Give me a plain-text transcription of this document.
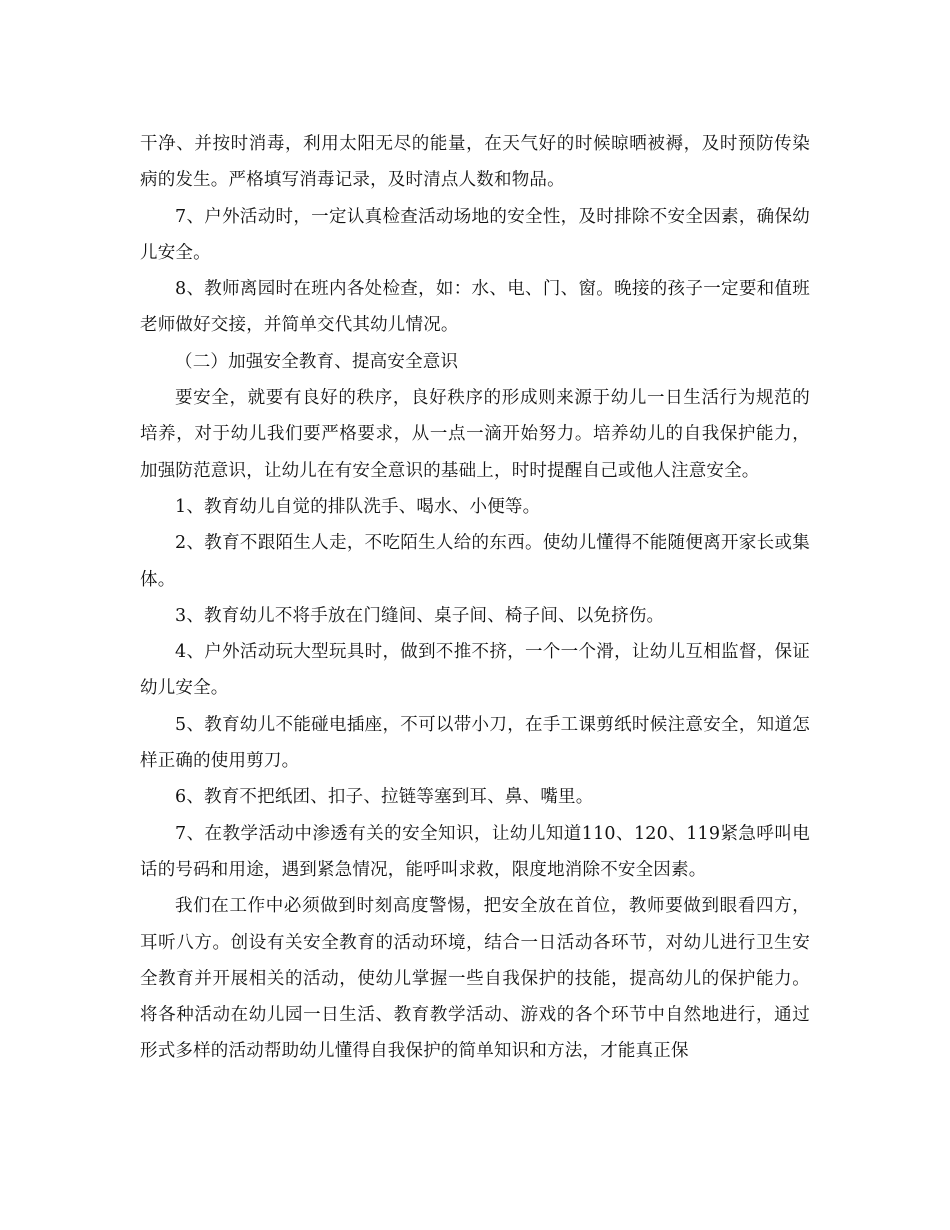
干净、并按时消毒，利用太阳无尽的能量，在天气好的时候晾晒被褥，及时预防传染病的发生。严格填写消毒记录，及时清点人数和物品。

7、户外活动时，一定认真检查活动场地的安全性，及时排除不安全因素，确保幼儿安全。

8、教师离园时在班内各处检查，如：水、电、门、窗。晚接的孩子一定要和值班老师做好交接，并简单交代其幼儿情况。

（二）加强安全教育、提高安全意识

要安全，就要有良好的秩序，良好秩序的形成则来源于幼儿一日生活行为规范的培养，对于幼儿我们要严格要求，从一点一滴开始努力。培养幼儿的自我保护能力，加强防范意识，让幼儿在有安全意识的基础上，时时提醒自己或他人注意安全。

1、教育幼儿自觉的排队洗手、喝水、小便等。

2、教育不跟陌生人走，不吃陌生人给的东西。使幼儿懂得不能随便离开家长或集体。

3、教育幼儿不将手放在门缝间、桌子间、椅子间、以免挤伤。

4、户外活动玩大型玩具时，做到不推不挤，一个一个滑，让幼儿互相监督，保证幼儿安全。

5、教育幼儿不能碰电插座，不可以带小刀，在手工课剪纸时候注意安全，知道怎样正确的使用剪刀。

6、教育不把纸团、扣子、拉链等塞到耳、鼻、嘴里。

7、在教学活动中渗透有关的安全知识，让幼儿知道110、120、119紧急呼叫电话的号码和用途，遇到紧急情况，能呼叫求救，限度地消除不安全因素。

我们在工作中必须做到时刻高度警惕，把安全放在首位，教师要做到眼看四方，耳听八方。创设有关安全教育的活动环境，结合一日活动各环节，对幼儿进行卫生安全教育并开展相关的活动，使幼儿掌握一些自我保护的技能，提高幼儿的保护能力。将各种活动在幼儿园一日生活、教育教学活动、游戏的各个环节中自然地进行，通过形式多样的活动帮助幼儿懂得自我保护的简单知识和方法，才能真正保
